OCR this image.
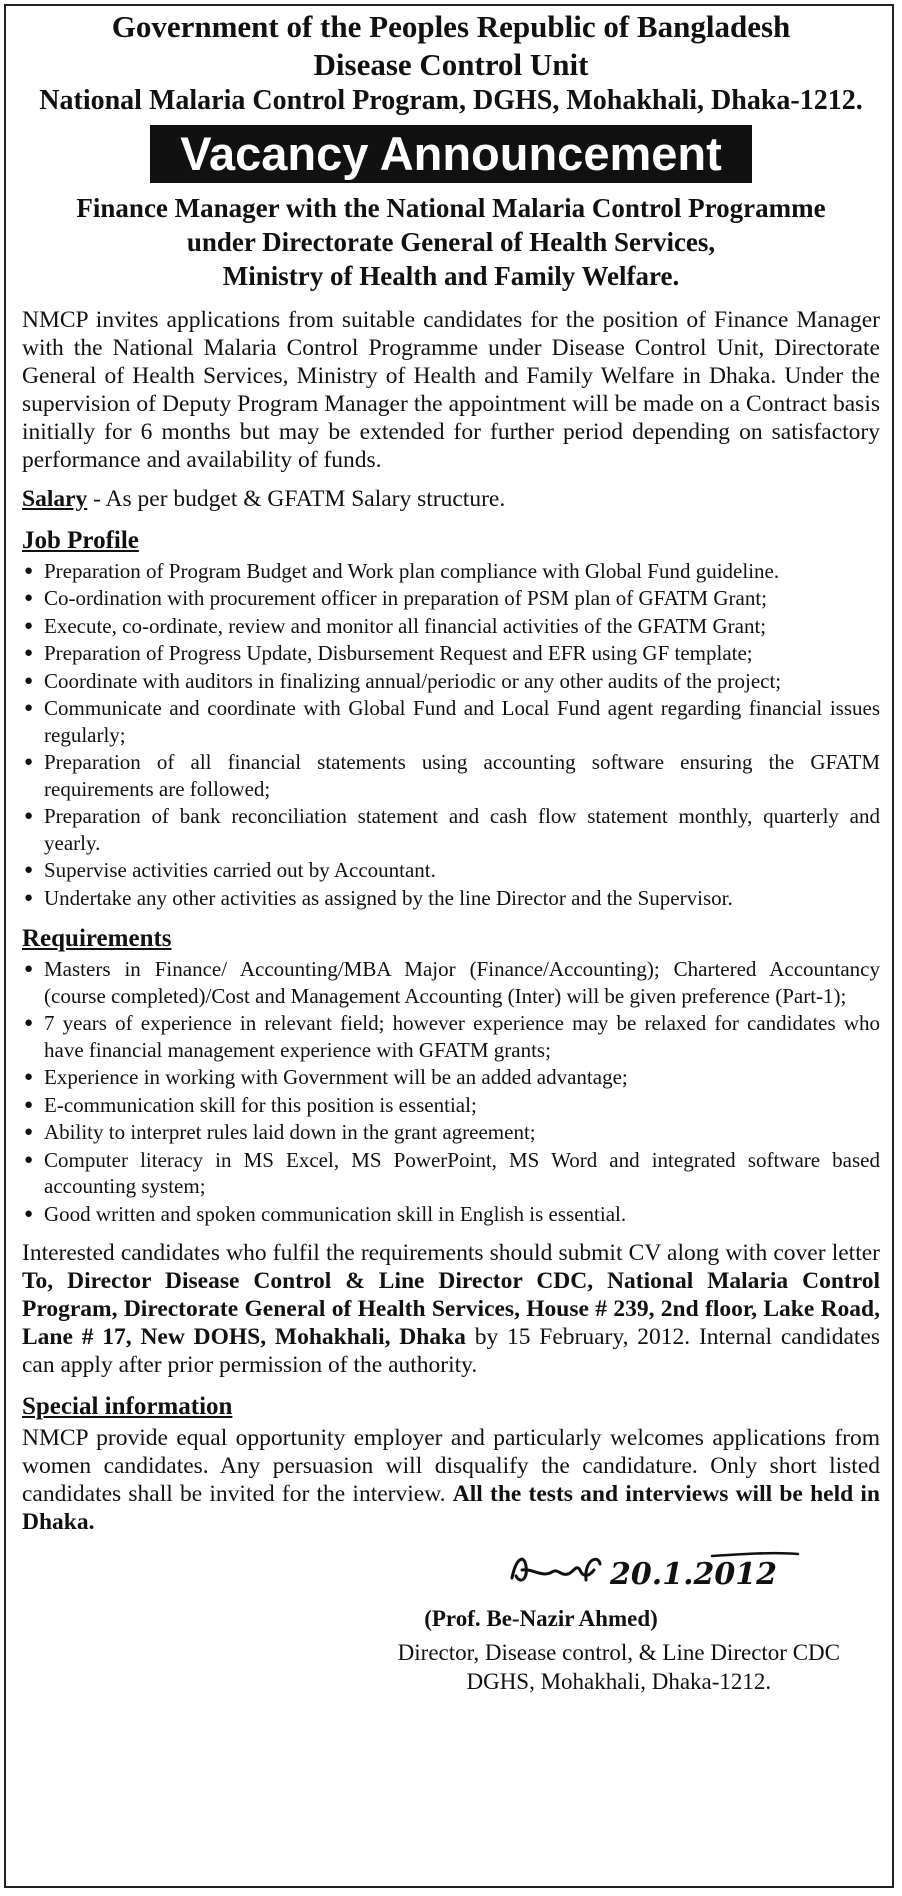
Government of the Peoples Republic of Bangladesh
Disease Control Unit
National Malaria Control Program, DGHS, Mohakhali, Dhaka-1212.
Vacancy Announcement
Finance Manager with the National Malaria Control Programme
under Directorate General of Health Services,
Ministry of Health and Family Welfare.

NMCP invites applications from suitable candidates for the position of Finance Manager with the National Malaria Control Programme under Disease Control Unit, Directorate General of Health Services, Ministry of Health and Family Welfare in Dhaka. Under the supervision of Deputy Program Manager the appointment will be made on a Contract basis initially for 6 months but may be extended for further period depending on satisfactory performance and availability of funds.

Salary - As per budget & GFATM Salary structure.

Job Profile
● Preparation of Program Budget and Work plan compliance with Global Fund guideline.
● Co-ordination with procurement officer in preparation of PSM plan of GFATM Grant;
● Execute, co-ordinate, review and monitor all financial activities of the GFATM Grant;
● Preparation of Progress Update, Disbursement Request and EFR using GF template;
● Coordinate with auditors in finalizing annual/periodic or any other audits of the project;
● Communicate and coordinate with Global Fund and Local Fund agent regarding financial issues regularly;
● Preparation of all financial statements using accounting software ensuring the GFATM requirements are followed;
● Preparation of bank reconciliation statement and cash flow statement monthly, quarterly and yearly.
● Supervise activities carried out by Accountant.
● Undertake any other activities as assigned by the line Director and the Supervisor.
Requirements
● Masters in Finance/ Accounting/MBA Major (Finance/Accounting); Chartered Accountancy (course completed)/Cost and Management Accounting (Inter) will be given preference (Part-1);
● 7 years of experience in relevant field; however experience may be relaxed for candidates who have financial management experience with GFATM grants;
● Experience in working with Government will be an added advantage;
● E-communication skill for this position is essential;
● Ability to interpret rules laid down in the grant agreement;
● Computer literacy in MS Excel, MS PowerPoint, MS Word and integrated software based accounting system;
● Good written and spoken communication skill in English is essential.

Interested candidates who fulfil the requirements should submit CV along with cover letter To, Director Disease Control & Line Director CDC, National Malaria Control Program, Directorate General of Health Services, House # 239, 2nd floor, Lake Road, Lane # 17, New DOHS, Mohakhali, Dhaka by 15 February, 2012. Internal candidates can apply after prior permission of the authority.

Special information

NMCP provide equal opportunity employer and particularly welcomes applications from women candidates. Any persuasion will disqualify the candidature. Only short listed candidates shall be invited for the interview. All the tests and interviews will be held in Dhaka.

20.1.2012
(Prof. Be-Nazir Ahmed)
Director, Disease control, & Line Director CDC
DGHS, Mohakhali, Dhaka-1212.
